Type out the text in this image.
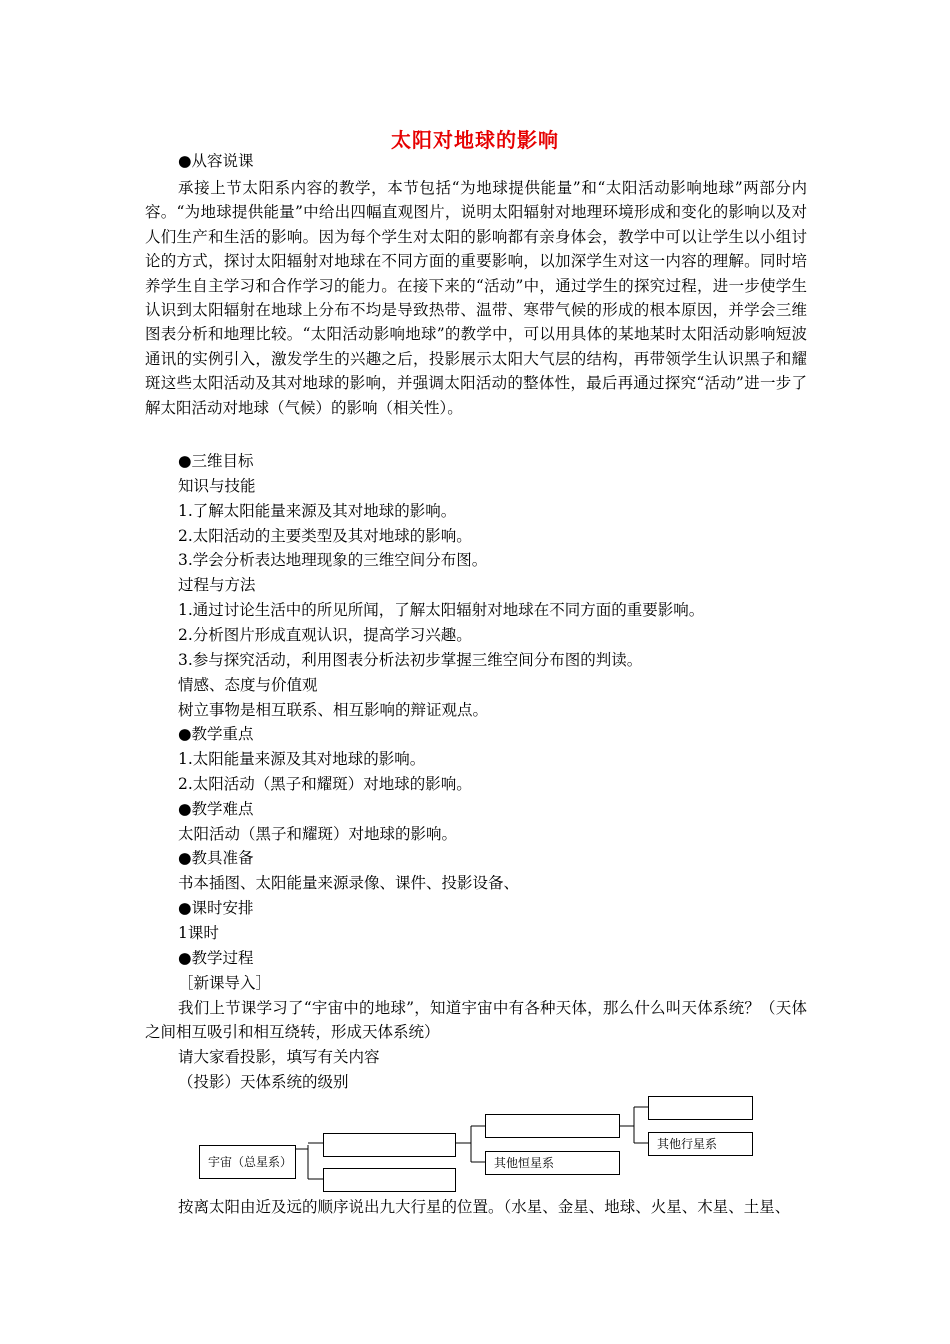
太阳对地球的影响
●从容说课
承接上节太阳系内容的教学，本节包括“为地球提供能量”和“太阳活动影响地球”两部分内容。“为地球提供能量”中给出四幅直观图片，说明太阳辐射对地理环境形成和变化的影响以及对人们生产和生活的影响。因为每个学生对太阳的影响都有亲身体会，教学中可以让学生以小组讨论的方式，探讨太阳辐射对地球在不同方面的重要影响，以加深学生对这一内容的理解。同时培养学生自主学习和合作学习的能力。在接下来的“活动”中，通过学生的探究过程，进一步使学生认识到太阳辐射在地球上分布不均是导致热带、温带、寒带气候的形成的根本原因，并学会三维图表分析和地理比较。“太阳活动影响地球”的教学中，可以用具体的某地某时太阳活动影响短波通讯的实例引入，激发学生的兴趣之后，投影展示太阳大气层的结构，再带领学生认识黑子和耀斑这些太阳活动及其对地球的影响，并强调太阳活动的整体性，最后再通过探究“活动”进一步了解太阳活动对地球（气候）的影响（相关性）。
●三维目标
知识与技能
1.了解太阳能量来源及其对地球的影响。
2.太阳活动的主要类型及其对地球的影响。
3.学会分析表达地理现象的三维空间分布图。
过程与方法
1.通过讨论生活中的所见所闻，了解太阳辐射对地球在不同方面的重要影响。
2.分析图片形成直观认识，提高学习兴趣。
3.参与探究活动，利用图表分析法初步掌握三维空间分布图的判读。
情感、态度与价值观
树立事物是相互联系、相互影响的辩证观点。
●教学重点
1.太阳能量来源及其对地球的影响。
2.太阳活动（黑子和耀斑）对地球的影响。
●教学难点
太阳活动（黑子和耀斑）对地球的影响。
●教具准备
书本插图、太阳能量来源录像、课件、投影设备、
●课时安排
1课时
●教学过程
［新课导入］
我们上节课学习了“宇宙中的地球”，知道宇宙中有各种天体，那么什么叫天体系统？（天体之间相互吸引和相互绕转，形成天体系统）
请大家看投影，填写有关内容
（投影）天体系统的级别
宇宙（总星系）	其他恒星系
其他行星系
按离太阳由近及远的顺序说出九大行星的位置。（水星、金星、地球、火星、木星、土星、
